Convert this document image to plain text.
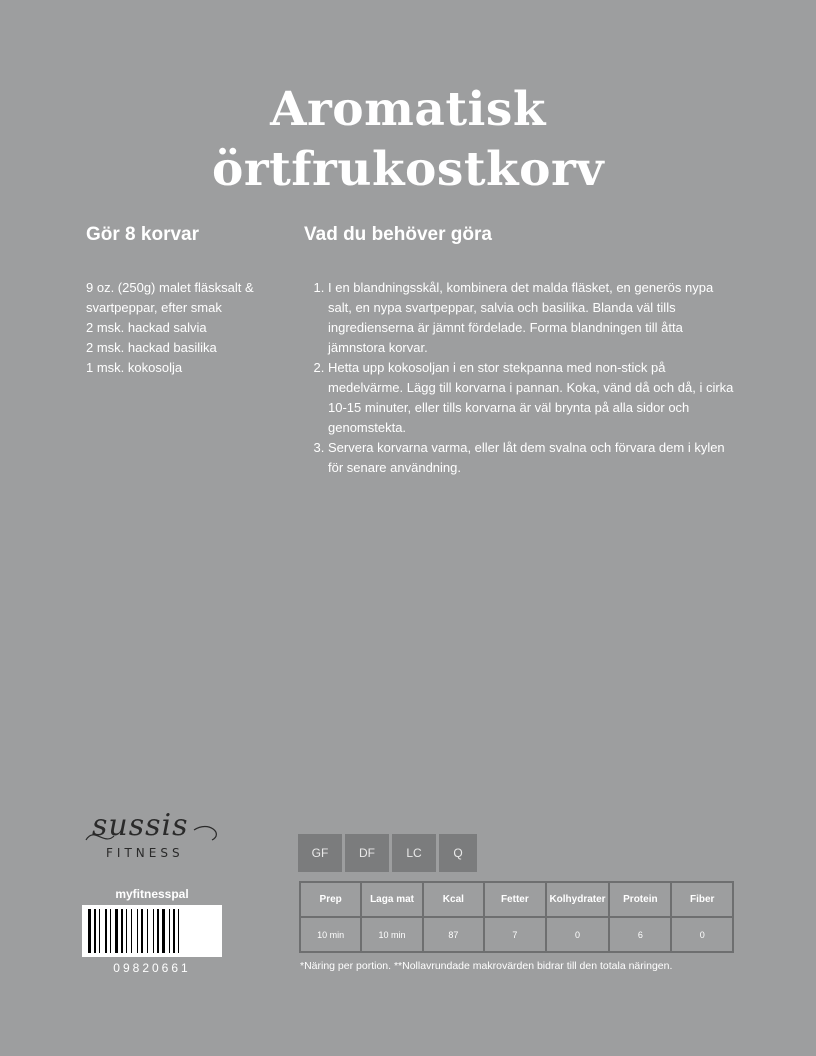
Aromatisk
örtfrukostkorv
Gör 8 korvar
9 oz. (250g) malet fläsksalt & svartpeppar, efter smak
2 msk. hackad salvia
2 msk. hackad basilika
1 msk. kokosolja
Vad du behöver göra
1. I en blandningsskål, kombinera det malda fläsket, en generös nypa salt, en nypa svartpeppar, salvia och basilika. Blanda väl tills ingredienserna är jämnt fördelade. Forma blandningen till åtta jämnstora korvar.
2. Hetta upp kokosoljan i en stor stekpanna med non-stick på medelvärme. Lägg till korvarna i pannan. Koka, vänd då och då, i cirka 10-15 minuter, eller tills korvarna är väl brynta på alla sidor och genomstekta.
3. Servera korvarna varma, eller låt dem svalna och förvara dem i kylen för senare användning.
sussis
FITNESS
myfitnesspal
09820661
GF	DF	LC	Q
Prep	Laga mat	Kcal	Fetter	Kolhydrater	Protein	Fiber
10 min	10 min	87	7	0	6	0
*Näring per portion. **Nollavrundade makrovärden bidrar till den totala näringen.
